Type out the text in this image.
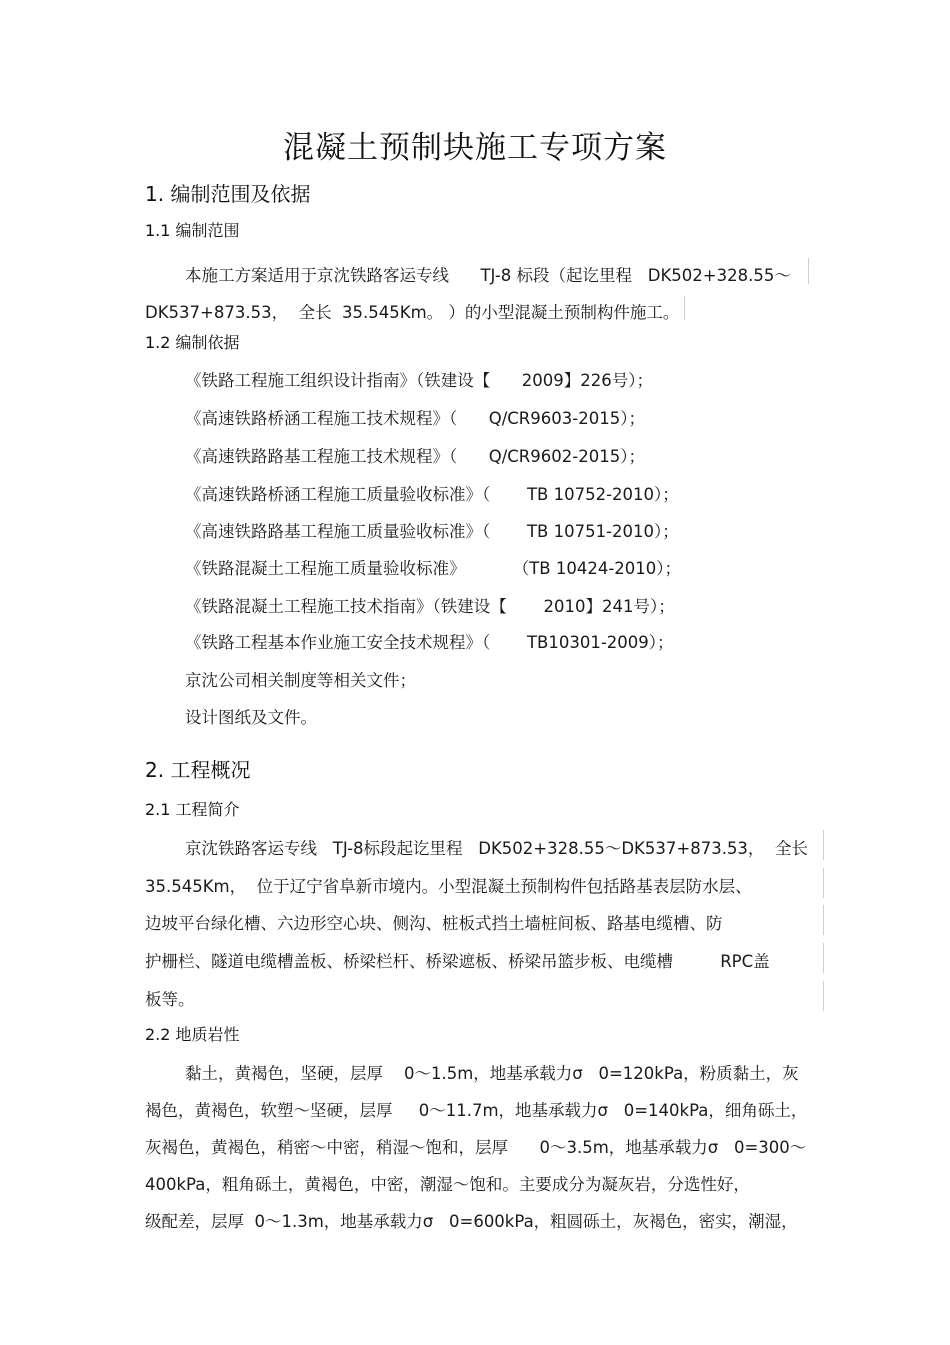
混凝土预制块施工专项方案
1. 编制范围及依据
1.1 编制范围
本施工方案适用于京沈铁路客运专线      TJ-8 标段（起讫里程   DK502+328.55～
DK537+873.53，  全长  35.545Km。 ）的小型混凝土预制构件施工。
1.2 编制依据
《铁路工程施工组织设计指南》（铁建设【      2009】226号）；
《高速铁路桥涵工程施工技术规程》（      Q/CR9603-2015）；
《高速铁路路基工程施工技术规程》（      Q/CR9602-2015）；
《高速铁路桥涵工程施工质量验收标准》（       TB 10752-2010）；
《高速铁路路基工程施工质量验收标准》（       TB 10751-2010）；
《铁路混凝土工程施工质量验收标准》         （TB 10424-2010）；
《铁路混凝土工程施工技术指南》（铁建设【       2010】241号）；
《铁路工程基本作业施工安全技术规程》（       TB10301-2009）；
京沈公司相关制度等相关文件；
设计图纸及文件。
2. 工程概况
2.1 工程简介
京沈铁路客运专线   TJ-8标段起讫里程   DK502+328.55～DK537+873.53，  全长
35.545Km，  位于辽宁省阜新市境内。小型混凝土预制构件包括路基表层防水层、
边坡平台绿化槽、六边形空心块、侧沟、桩板式挡土墙桩间板、路基电缆槽、防
护栅栏、隧道电缆槽盖板、桥梁栏杆、桥梁遮板、桥梁吊篮步板、电缆槽         RPC盖
板等。
2.2 地质岩性
黏土，黄褐色，坚硬，层厚    0～1.5m，地基承载力σ   0=120kPa，粉质黏土，灰
褐色，黄褐色，软塑～坚硬，层厚     0～11.7m，地基承载力σ   0=140kPa，细角砾土，
灰褐色，黄褐色，稍密～中密，稍湿～饱和，层厚      0～3.5m，地基承载力σ   0=300～
400kPa，粗角砾土，黄褐色，中密，潮湿～饱和。主要成分为凝灰岩，分选性好，
级配差，层厚  0～1.3m，地基承载力σ   0=600kPa，粗圆砾土，灰褐色，密实，潮湿，
